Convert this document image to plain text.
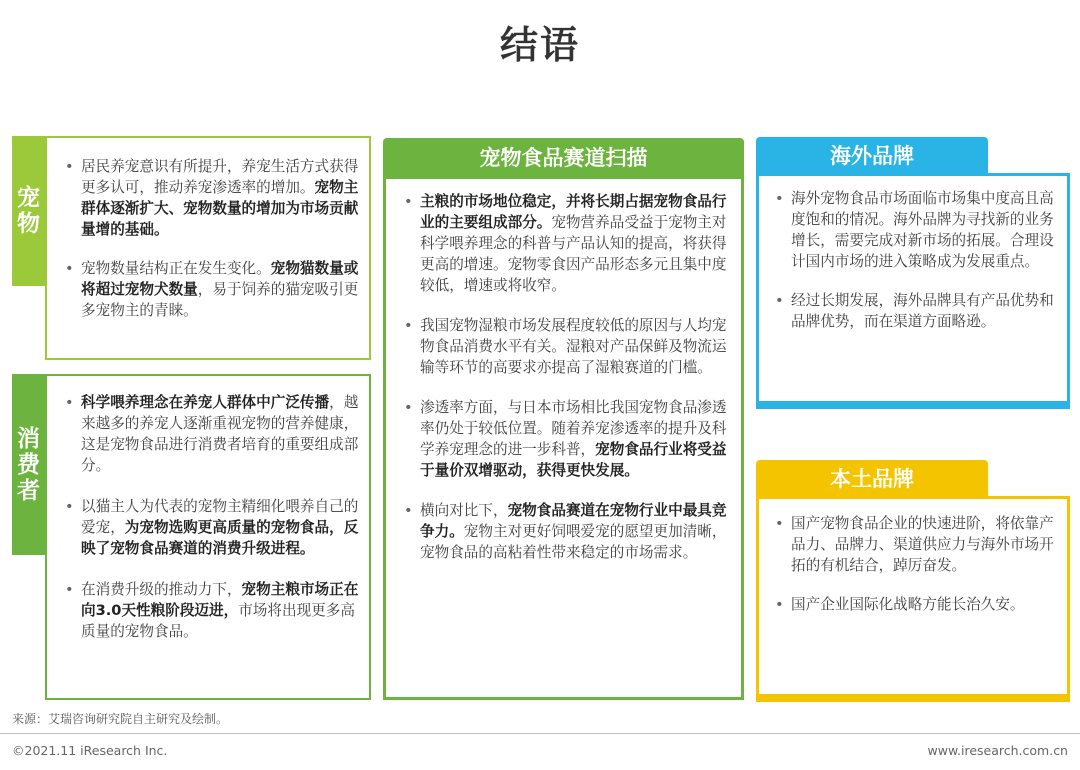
结语
宠
物
• 居民养宠意识有所提升，养宠生活方式获得更多认可，推动养宠渗透率的增加。宠物主群体逐渐扩大、宠物数量的增加为市场贡献量增的基础。
• 宠物数量结构正在发生变化。宠物猫数量或将超过宠物犬数量，易于饲养的猫宠吸引更多宠物主的青睐。
消
费
者
• 科学喂养理念在养宠人群体中广泛传播，越来越多的养宠人逐渐重视宠物的营养健康，这是宠物食品进行消费者培育的重要组成部分。
• 以猫主人为代表的宠物主精细化喂养自己的爱宠，为宠物选购更高质量的宠物食品，反映了宠物食品赛道的消费升级进程。
• 在消费升级的推动力下，宠物主粮市场正在向3.0天性粮阶段迈进，市场将出现更多高质量的宠物食品。
宠物食品赛道扫描
• 主粮的市场地位稳定，并将长期占据宠物食品行业的主要组成部分。宠物营养品受益于宠物主对科学喂养理念的科普与产品认知的提高，将获得更高的增速。宠物零食因产品形态多元且集中度较低，增速或将收窄。
• 我国宠物湿粮市场发展程度较低的原因与人均宠物食品消费水平有关。湿粮对产品保鲜及物流运输等环节的高要求亦提高了湿粮赛道的门槛。
• 渗透率方面，与日本市场相比我国宠物食品渗透率仍处于较低位置。随着养宠渗透率的提升及科学养宠理念的进一步科普，宠物食品行业将受益于量价双增驱动，获得更快发展。
• 横向对比下，宠物食品赛道在宠物行业中最具竞争力。宠物主对更好饲喂爱宠的愿望更加清晰，宠物食品的高粘着性带来稳定的市场需求。
海外品牌
• 海外宠物食品市场面临市场集中度高且高度饱和的情况。海外品牌为寻找新的业务增长，需要完成对新市场的拓展。合理设计国内市场的进入策略成为发展重点。
• 经过长期发展，海外品牌具有产品优势和品牌优势，而在渠道方面略逊。
本土品牌
• 国产宠物食品企业的快速进阶，将依靠产品力、品牌力、渠道供应力与海外市场开拓的有机结合，踔厉奋发。
• 国产企业国际化战略方能长治久安。
来源：艾瑞咨询研究院自主研究及绘制。
©2021.11 iResearch Inc.	www.iresearch.com.cn
